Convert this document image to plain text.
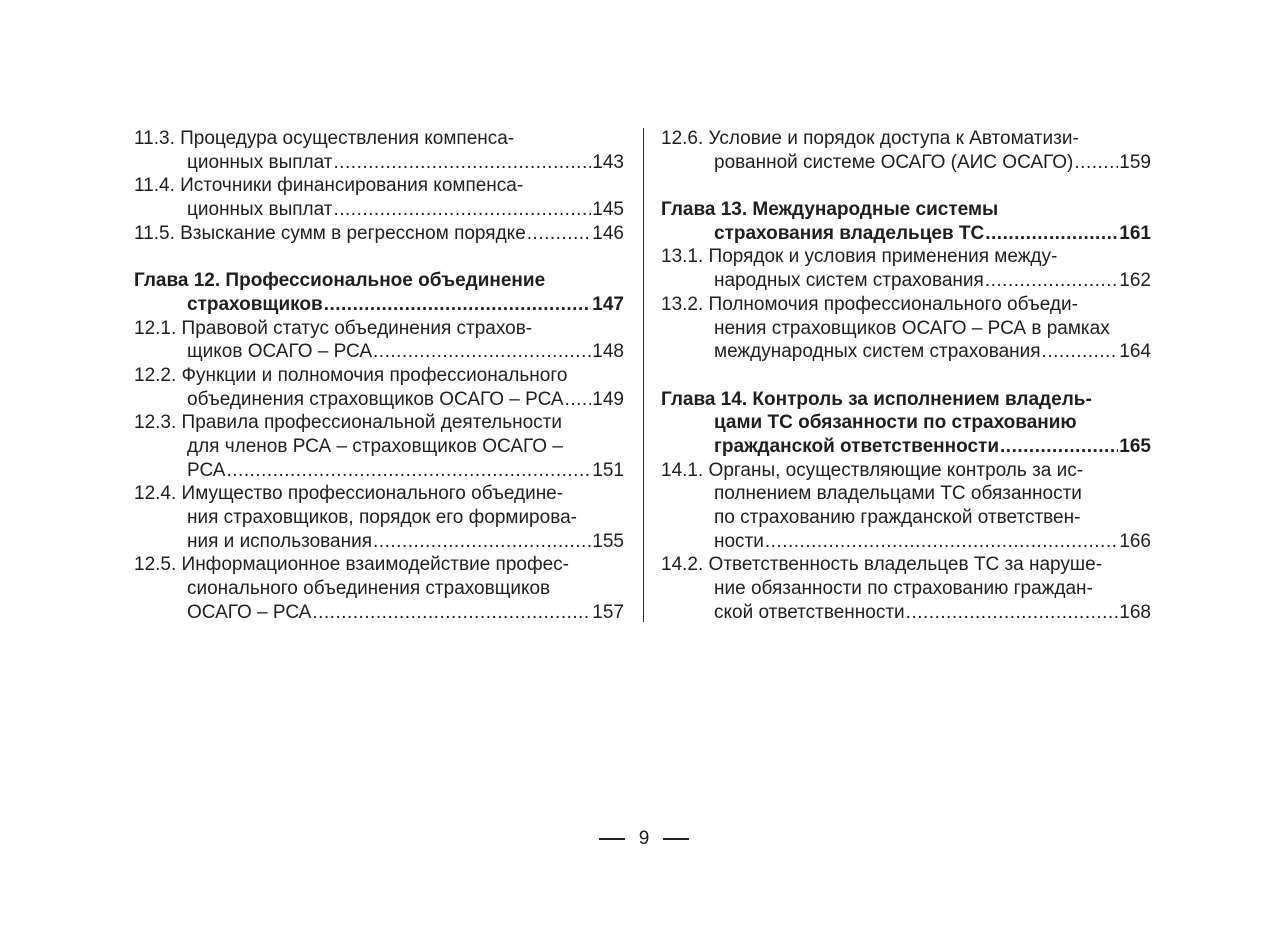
11.3. Процедура осуществления компенса-
ционных выплат .....	143
11.4. Источники финансирования компенса-
ционных выплат .....	145
11.5. Взыскание сумм в регрессном порядке .....	146
Глава 12. Профессиональное объединение
страховщиков .....	147
12.1. Правовой статус объединения страхов-
щиков ОСАГО – РСА .....	148
12.2. Функции и полномочия профессионального
объединения страховщиков ОСАГО – РСА ..... 149
12.3. Правила профессиональной деятельности
для членов РСА – страховщиков ОСАГО –
РСА .....	151
12.4. Имущество профессионального объедине-
ния страховщиков, порядок его формирова-
ния и использования .....	155
12.5. Информационное взаимодействие профес-
сионального объединения страховщиков
ОСАГО – РСА .....	157
12.6. Условие и порядок доступа к Автоматизи-
рованной системе ОСАГО (АИС ОСАГО) ..... 159
Глава 13. Международные системы
страхования владельцев ТС .....	161
13.1. Порядок и условия применения между-
народных систем страхования .....	162
13.2. Полномочия профессионального объеди-
нения страховщиков ОСАГО – РСА в рамках
международных систем страхования .....	164
Глава 14. Контроль за исполнением владель-
цами ТС обязанности по страхованию
гражданской ответственности .....	165
14.1. Органы, осуществляющие контроль за ис-
полнением владельцами ТС обязанности
по страхованию гражданской ответствен-
ности .....	166
14.2. Ответственность владельцев ТС за наруше-
ние обязанности по страхованию граждан-
ской ответственности .....	168
9
